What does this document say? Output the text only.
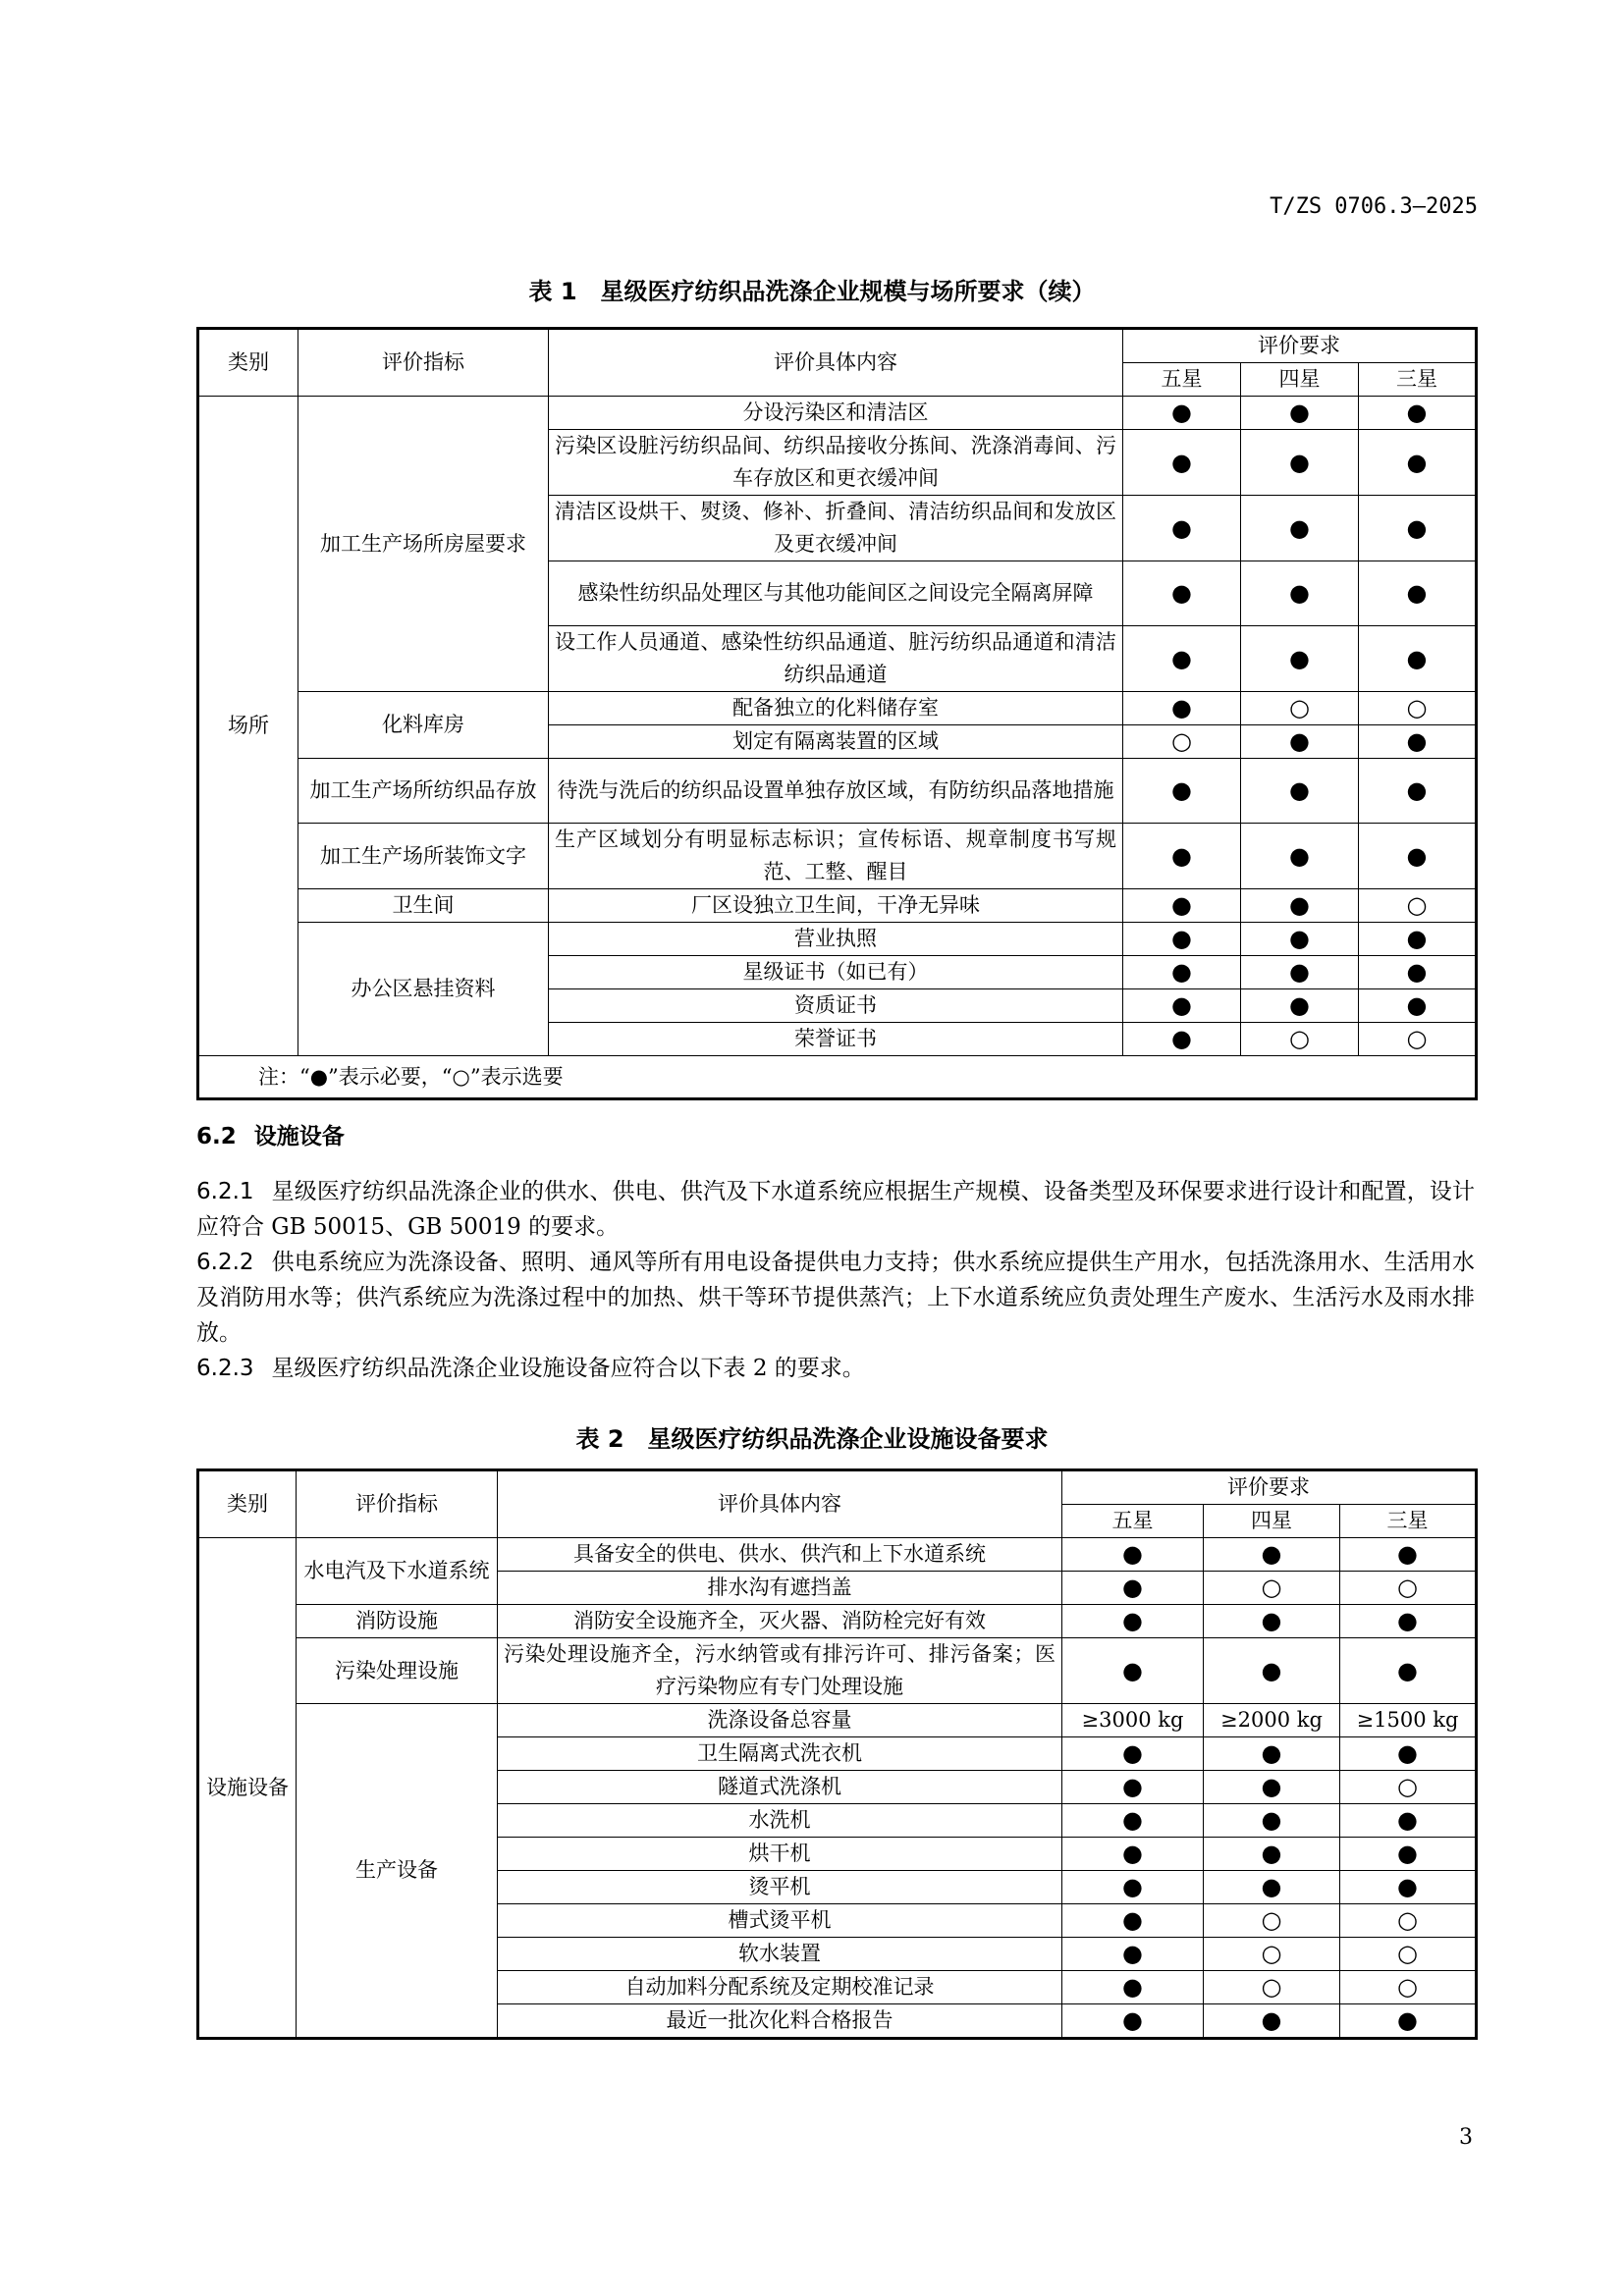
T/ZS 0706.3—2025
表 1 星级医疗纺织品洗涤企业规模与场所要求（续）
类别	评价指标	评价具体内容	评价要求		
			五星	四星	三星
场所	加工生产场所房屋要求	分设污染区和清洁区	●	●	●
		污染区设脏污纺织品间、纺织品接收分拣间、洗涤消毒间、污车存放区和更衣缓冲间	●	●	●
		清洁区设烘干、熨烫、修补、折叠间、清洁纺织品间和发放区及更衣缓冲间	●	●	●
		感染性纺织品处理区与其他功能间区之间设完全隔离屏障	●	●	●
		设工作人员通道、感染性纺织品通道、脏污纺织品通道和清洁纺织品通道	●	●	●
	化料库房	配备独立的化料储存室	●	○	○
		划定有隔离装置的区域	○	●	●
	加工生产场所纺织品存放	待洗与洗后的纺织品设置单独存放区域，有防纺织品落地措施	●	●	●
	加工生产场所装饰文字	生产区域划分有明显标志标识；宣传标语、规章制度书写规范、工整、醒目	●	●	●
	卫生间	厂区设独立卫生间，干净无异味	●	●	○
	办公区悬挂资料	营业执照	●	●	●
		星级证书（如已有）	●	●	●
		资质证书	●	●	●
		荣誉证书	●	○	○
注：“●”表示必要，“○”表示选要					
6.2 设施设备
6.2.1 星级医疗纺织品洗涤企业的供水、供电、供汽及下水道系统应根据生产规模、设备类型及环保要求进行设计和配置，设计应符合 GB 50015、GB 50019 的要求。
6.2.2 供电系统应为洗涤设备、照明、通风等所有用电设备提供电力支持；供水系统应提供生产用水，包括洗涤用水、生活用水及消防用水等；供汽系统应为洗涤过程中的加热、烘干等环节提供蒸汽；上下水道系统应负责处理生产废水、生活污水及雨水排放。
6.2.3 星级医疗纺织品洗涤企业设施设备应符合以下表 2 的要求。
表 2 星级医疗纺织品洗涤企业设施设备要求
类别	评价指标	评价具体内容	评价要求		
			五星	四星	三星
设施设备	水电汽及下水道系统	具备安全的供电、供水、供汽和上下水道系统	●	●	●
		排水沟有遮挡盖	●	○	○
	消防设施	消防安全设施齐全，灭火器、消防栓完好有效	●	●	●
	污染处理设施	污染处理设施齐全，污水纳管或有排污许可、排污备案；医疗污染物应有专门处理设施	●	●	●
	生产设备	洗涤设备总容量	≥3000 kg	≥2000 kg	≥1500 kg
		卫生隔离式洗衣机	●	●	●
		隧道式洗涤机	●	●	○
		水洗机	●	●	●
		烘干机	●	●	●
		烫平机	●	●	●
		槽式烫平机	●	○	○
		软水装置	●	○	○
		自动加料分配系统及定期校准记录	●	○	○
		最近一批次化料合格报告	●	●	●
3
